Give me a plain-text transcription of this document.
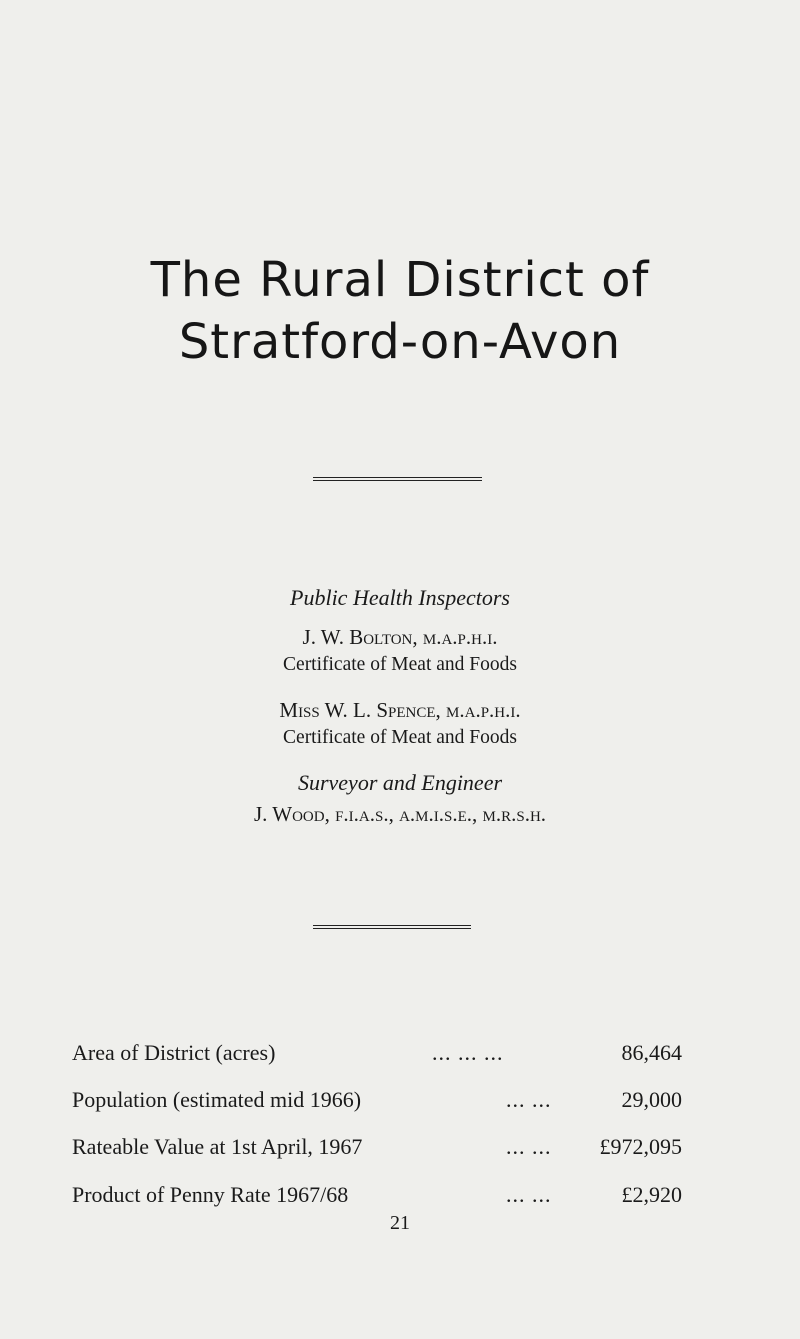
The Rural District of
Stratford-on-Avon
Public Health Inspectors
J. W. Bolton, m.a.p.h.i.
Certificate of Meat and Foods
Miss W. L. Spence, m.a.p.h.i.
Certificate of Meat and Foods
Surveyor and Engineer
J. Wood, f.i.a.s., a.m.i.s.e., m.r.s.h.
Area of District (acres)	... ... ...	86,464
Population (estimated mid 1966)	... ...	29,000
Rateable Value at 1st April, 1967	... ... £972,095
Product of Penny Rate 1967/68	... ...	£2,920
21
